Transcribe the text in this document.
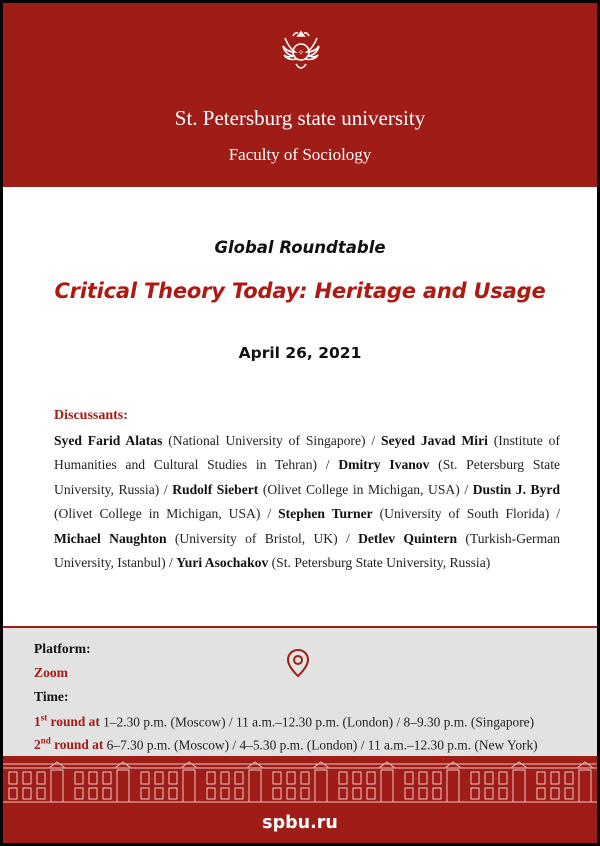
✧
St. Petersburg state university
Faculty of Sociology
Global Roundtable
Critical Theory Today: Heritage and Usage
April 26, 2021
Discussants:
Syed Farid Alatas (National University of Singapore) / Seyed Javad Miri (Institute of Humanities and Cultural Studies in Tehran) / Dmitry Ivanov (St. Petersburg State University, Russia) / Rudolf Siebert (Olivet College in Michigan, USA) / Dustin J. Byrd (Olivet College in Michigan, USA) / Stephen Turner (University of South Florida) / Michael Naughton (University of Bristol, UK) / Detlev Quintern (Turkish-German University, Istanbul) / Yuri Asochakov (St. Petersburg State University, Russia)
Platform:
Zoom
Time:
1st round at 1–2.30 p.m. (Moscow) / 11 a.m.–12.30 p.m. (London) / 8–9.30 p.m. (Singapore)
2nd round at 6–7.30 p.m. (Moscow) / 4–5.30 p.m. (London) / 11 a.m.–12.30 p.m. (New York)
spbu.ru
